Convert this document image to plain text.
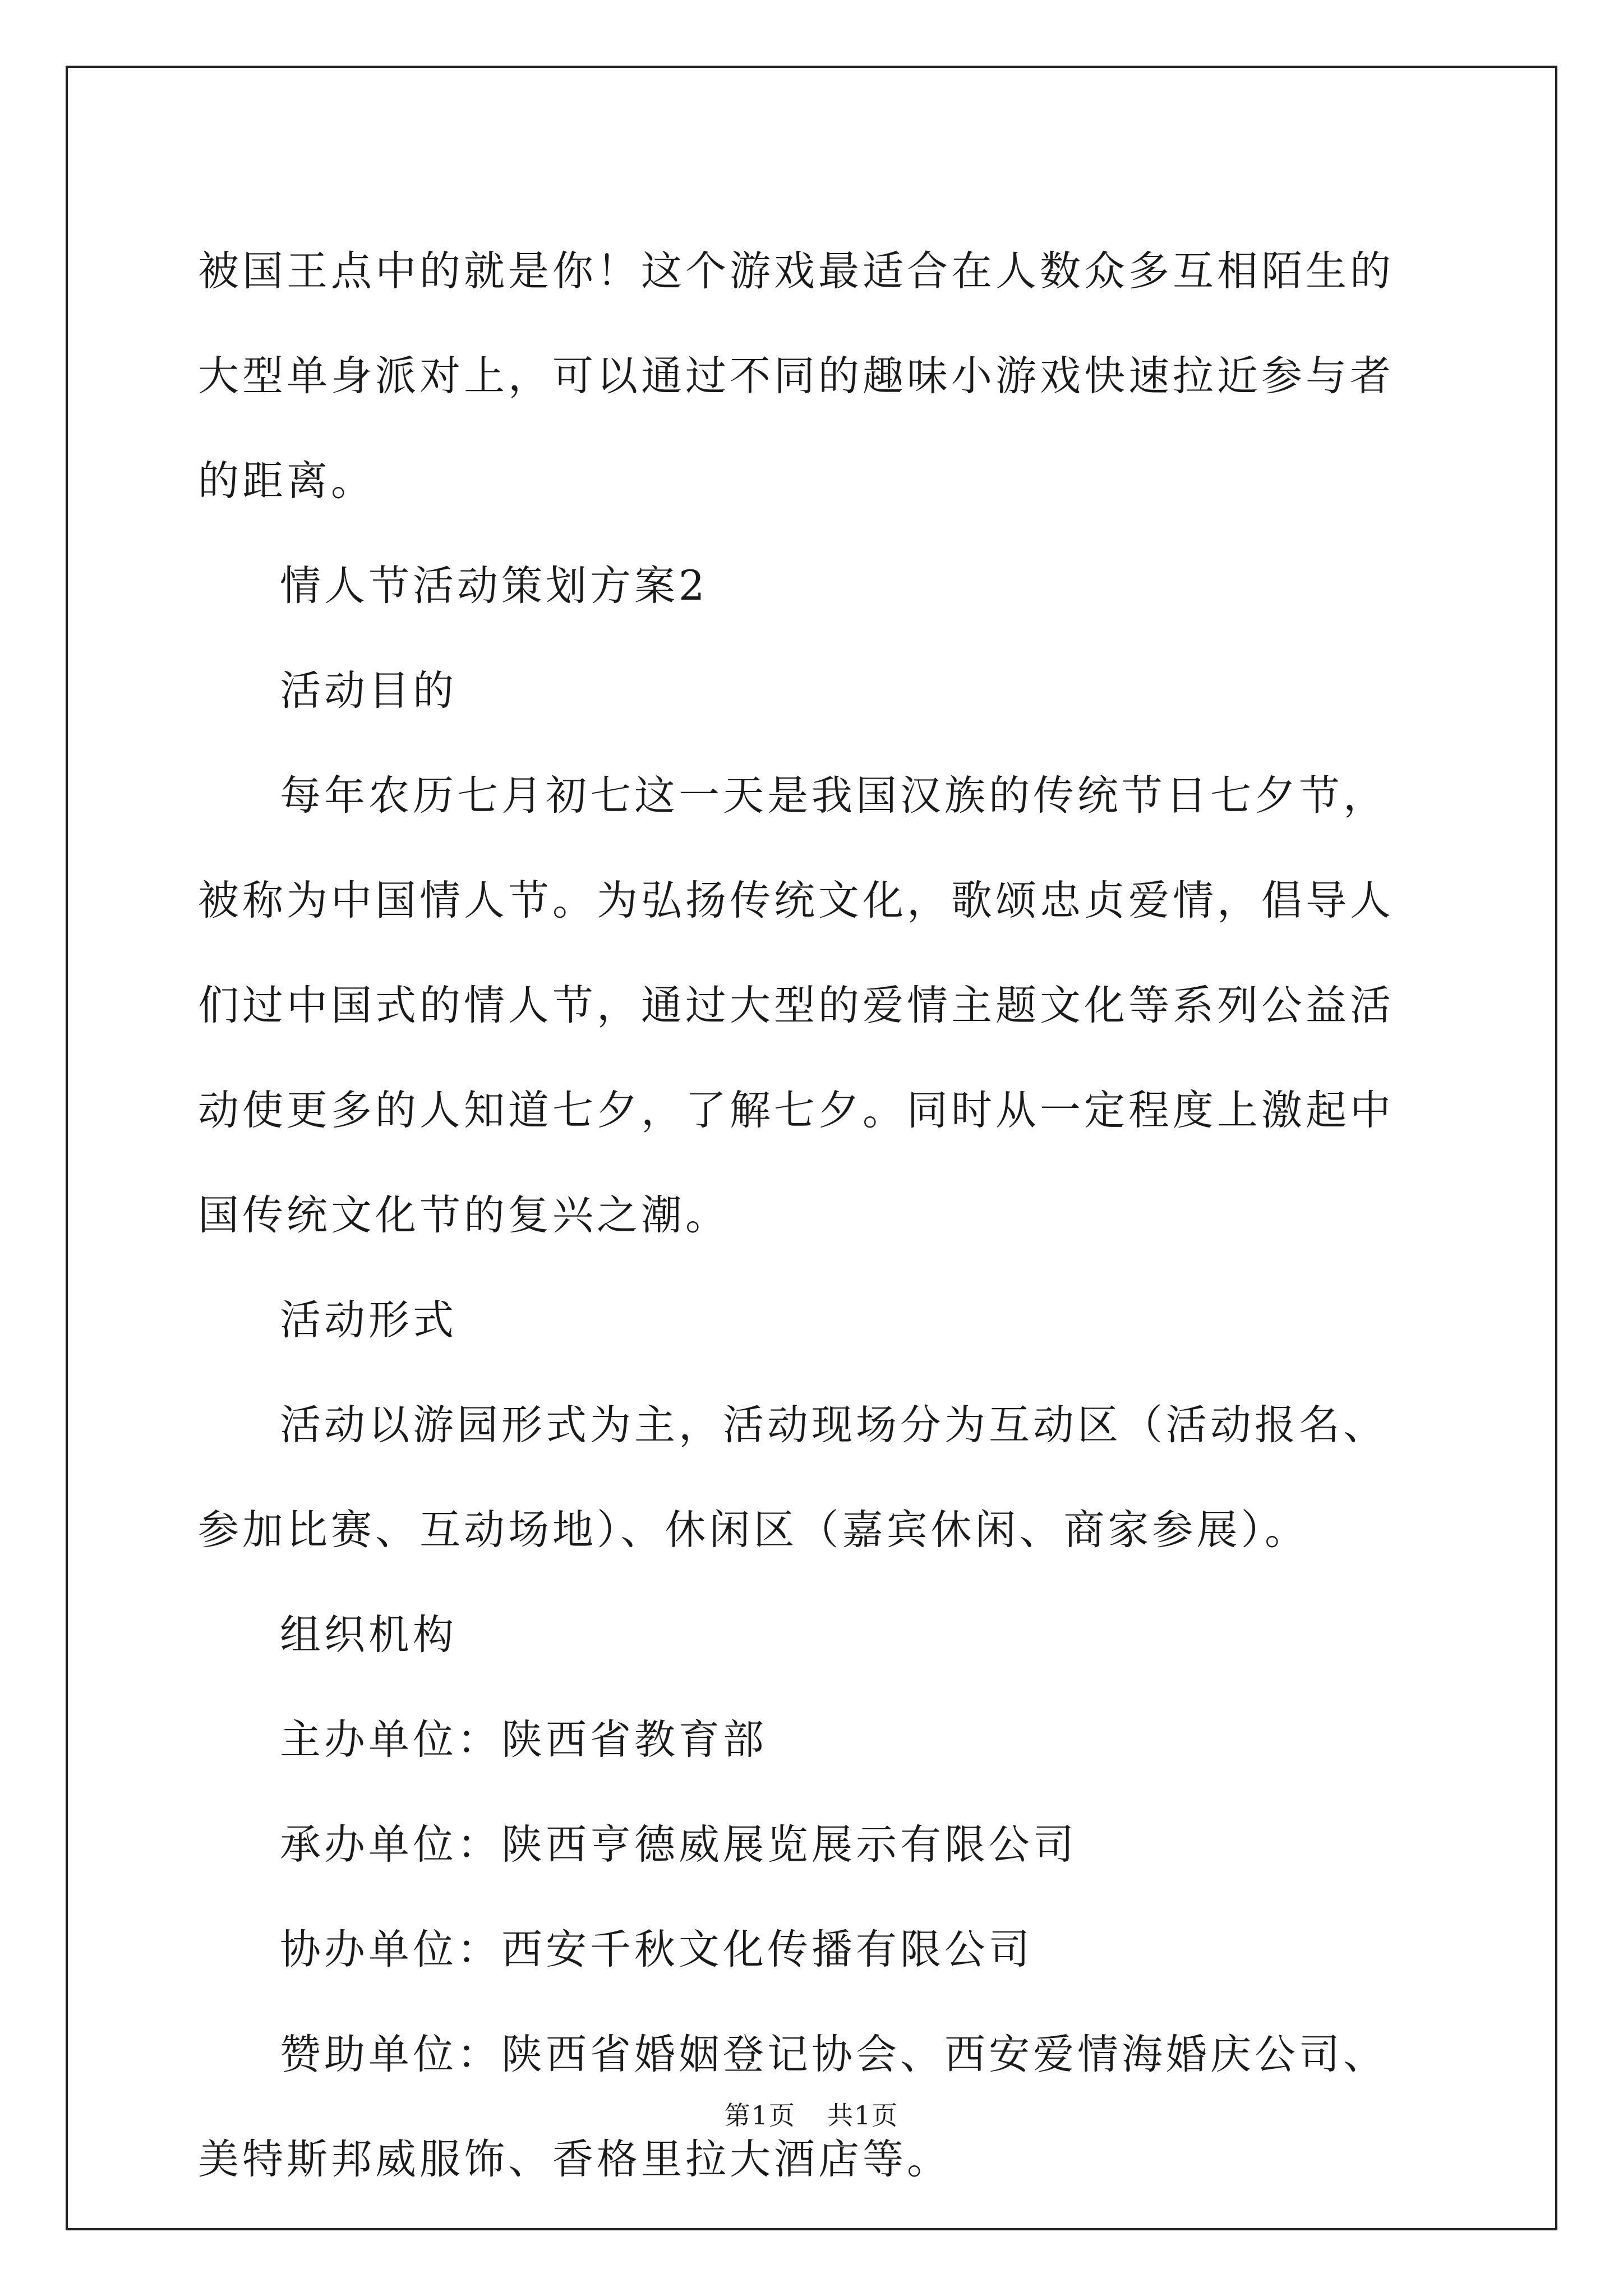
被国王点中的就是你！这个游戏最适合在人数众多互相陌生的大型单身派对上，可以通过不同的趣味小游戏快速拉近参与者的距离。

情人节活动策划方案2

活动目的

每年农历七月初七这一天是我国汉族的传统节日七夕节，被称为中国情人节。为弘扬传统文化，歌颂忠贞爱情，倡导人们过中国式的情人节，通过大型的爱情主题文化等系列公益活动使更多的人知道七夕，了解七夕。同时从一定程度上激起中国传统文化节的复兴之潮。

活动形式

活动以游园形式为主，活动现场分为互动区（活动报名、参加比赛、互动场地）、休闲区（嘉宾休闲、商家参展）。

组织机构

主办单位：陕西省教育部

承办单位：陕西亨德威展览展示有限公司

协办单位：西安千秋文化传播有限公司

赞助单位：陕西省婚姻登记协会、西安爱情海婚庆公司、美特斯邦威服饰、香格里拉大酒店等。

第1页 共1页
